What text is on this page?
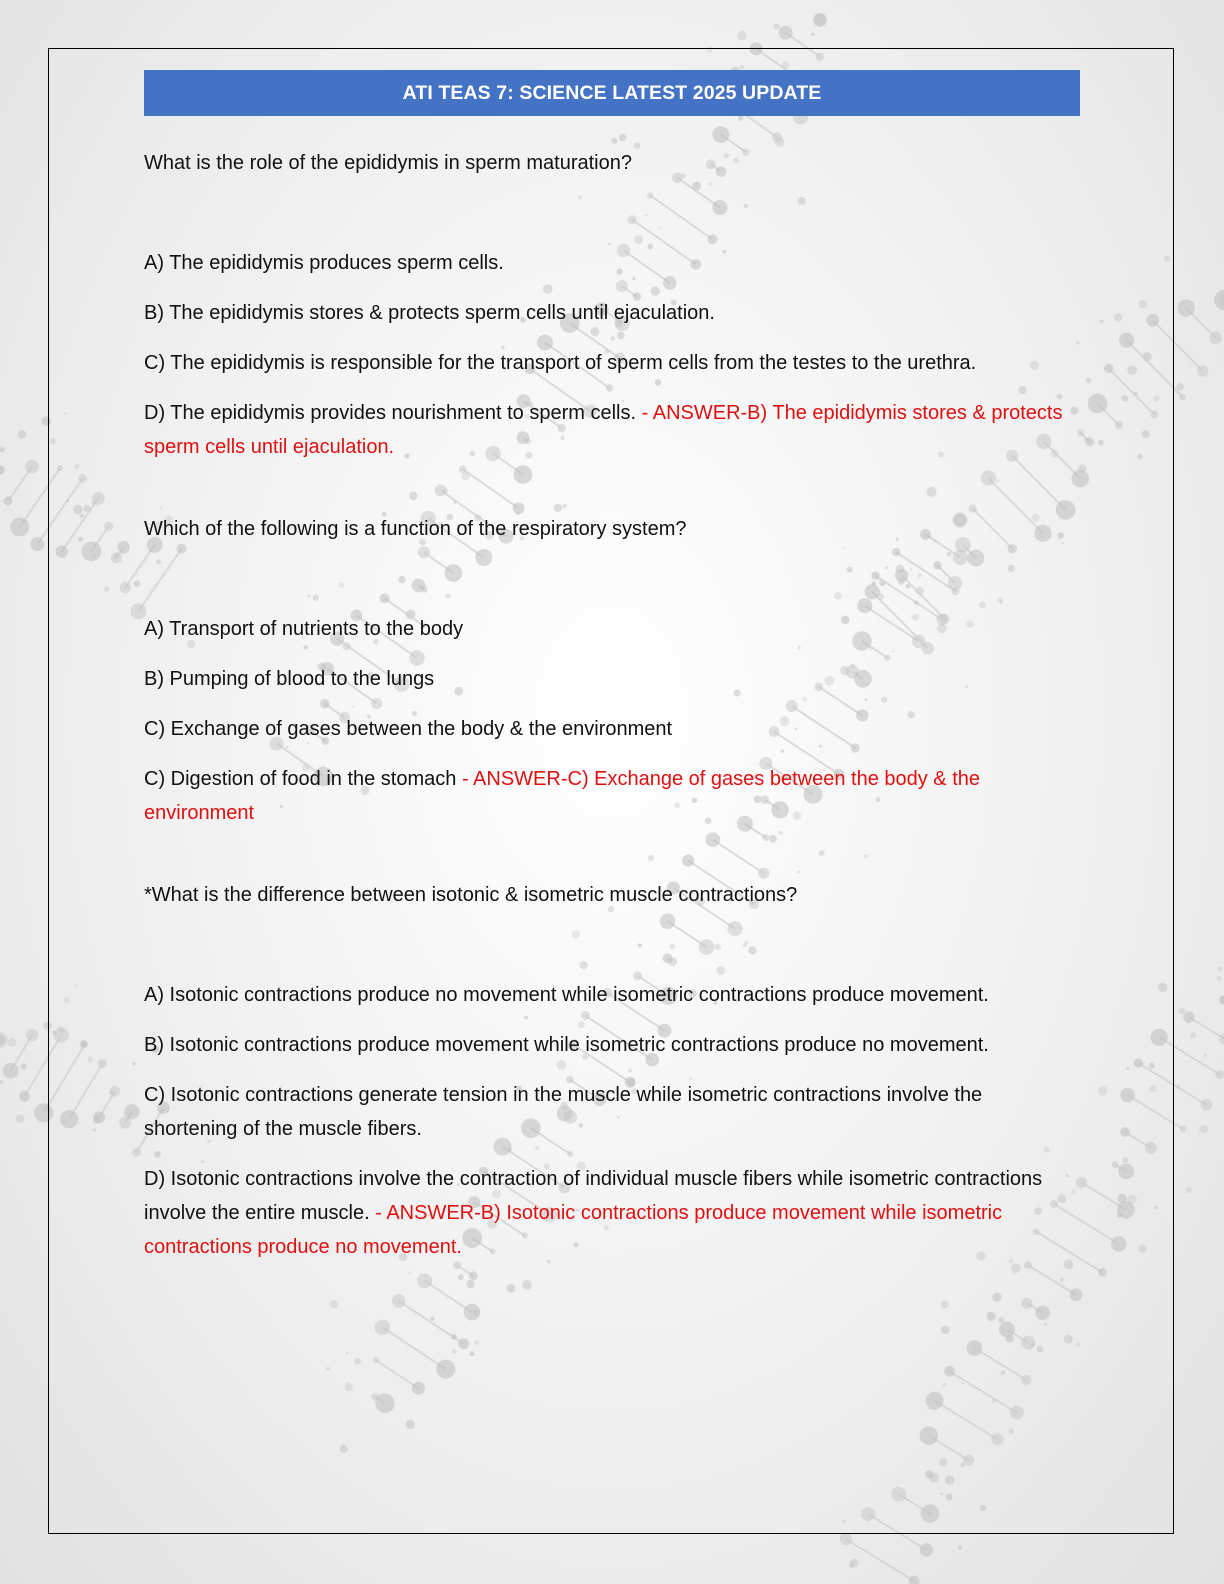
ATI TEAS 7: SCIENCE LATEST 2025 UPDATE

What is the role of the epididymis in sperm maturation?

A) The epididymis produces sperm cells.

B) The epididymis stores & protects sperm cells until ejaculation.

C) The epididymis is responsible for the transport of sperm cells from the testes to the urethra.

D) The epididymis provides nourishment to sperm cells. - ANSWER-B) The epididymis stores & protects sperm cells until ejaculation.

Which of the following is a function of the respiratory system?

A) Transport of nutrients to the body

B) Pumping of blood to the lungs

C) Exchange of gases between the body & the environment

C) Digestion of food in the stomach - ANSWER-C) Exchange of gases between the body & the environment

*What is the difference between isotonic & isometric muscle contractions?

A) Isotonic contractions produce no movement while isometric contractions produce movement.

B) Isotonic contractions produce movement while isometric contractions produce no movement.

C) Isotonic contractions generate tension in the muscle while isometric contractions involve the shortening of the muscle fibers.

D) Isotonic contractions involve the contraction of individual muscle fibers while isometric contractions involve the entire muscle. - ANSWER-B) Isotonic contractions produce movement while isometric contractions produce no movement.
